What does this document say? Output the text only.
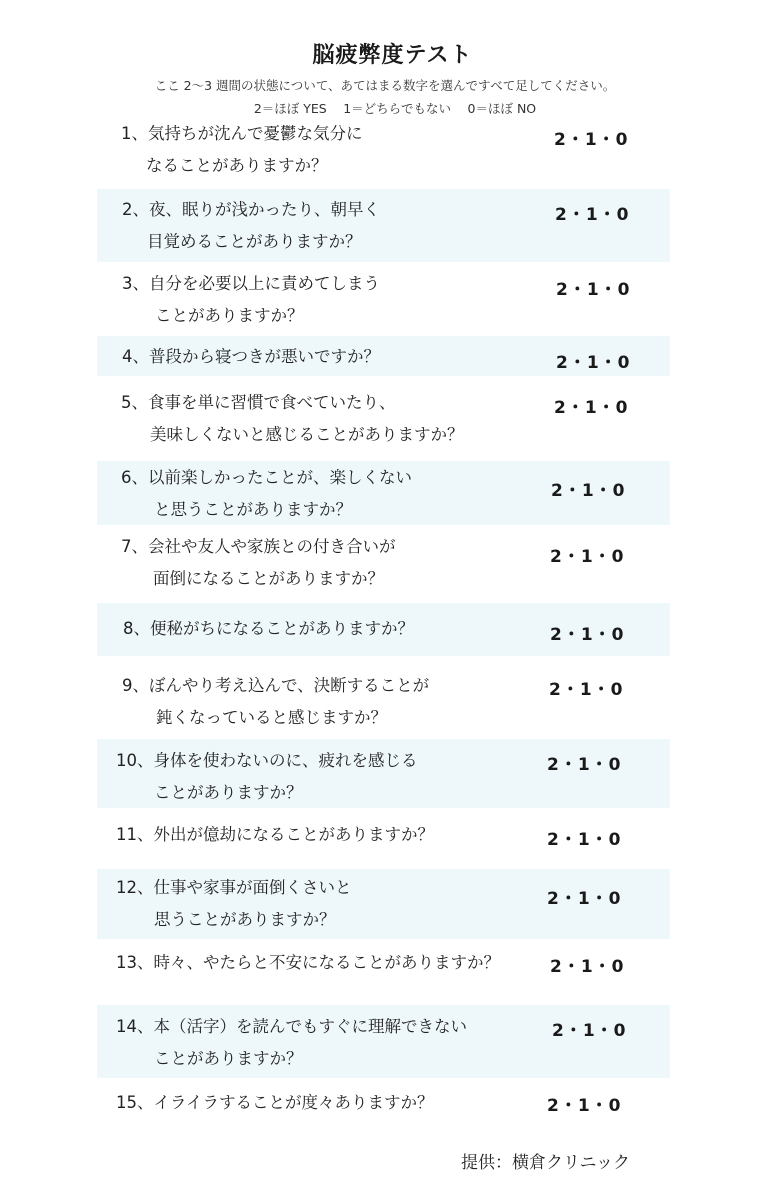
脳疲弊度テスト
ここ 2〜3 週間の状態について、あてはまる数字を選んですべて足してください。
2＝ほぼ YES　 1＝どちらでもない　 0＝ほぼ NO
1、気持ちが沈んで憂鬱な気分に
なることがありますか？
2・1・0
2、夜、眠りが浅かったり、朝早く
目覚めることがありますか？
2・1・0
3、自分を必要以上に責めてしまう
ことがありますか？
2・1・0
4、普段から寝つきが悪いですか？	2・1・0
5、食事を単に習慣で食べていたり、
美味しくないと感じることがありますか？
2・1・0
6、以前楽しかったことが、楽しくない
と思うことがありますか？
2・1・0
7、会社や友人や家族との付き合いが
面倒になることがありますか？
2・1・0
8、便秘がちになることがありますか？	2・1・0
9、ぼんやり考え込んで、決断することが
鈍くなっていると感じますか？
2・1・0
10、身体を使わないのに、疲れを感じる
ことがありますか？
2・1・0
11、外出が億劫になることがありますか？	2・1・0
12、仕事や家事が面倒くさいと
思うことがありますか？
2・1・0
13、時々、やたらと不安になることがありますか？	2・1・0
14、本（活字）を読んでもすぐに理解できない
ことがありますか？
2・1・0
15、イライラすることが度々ありますか？	2・1・0
提供：横倉クリニック
